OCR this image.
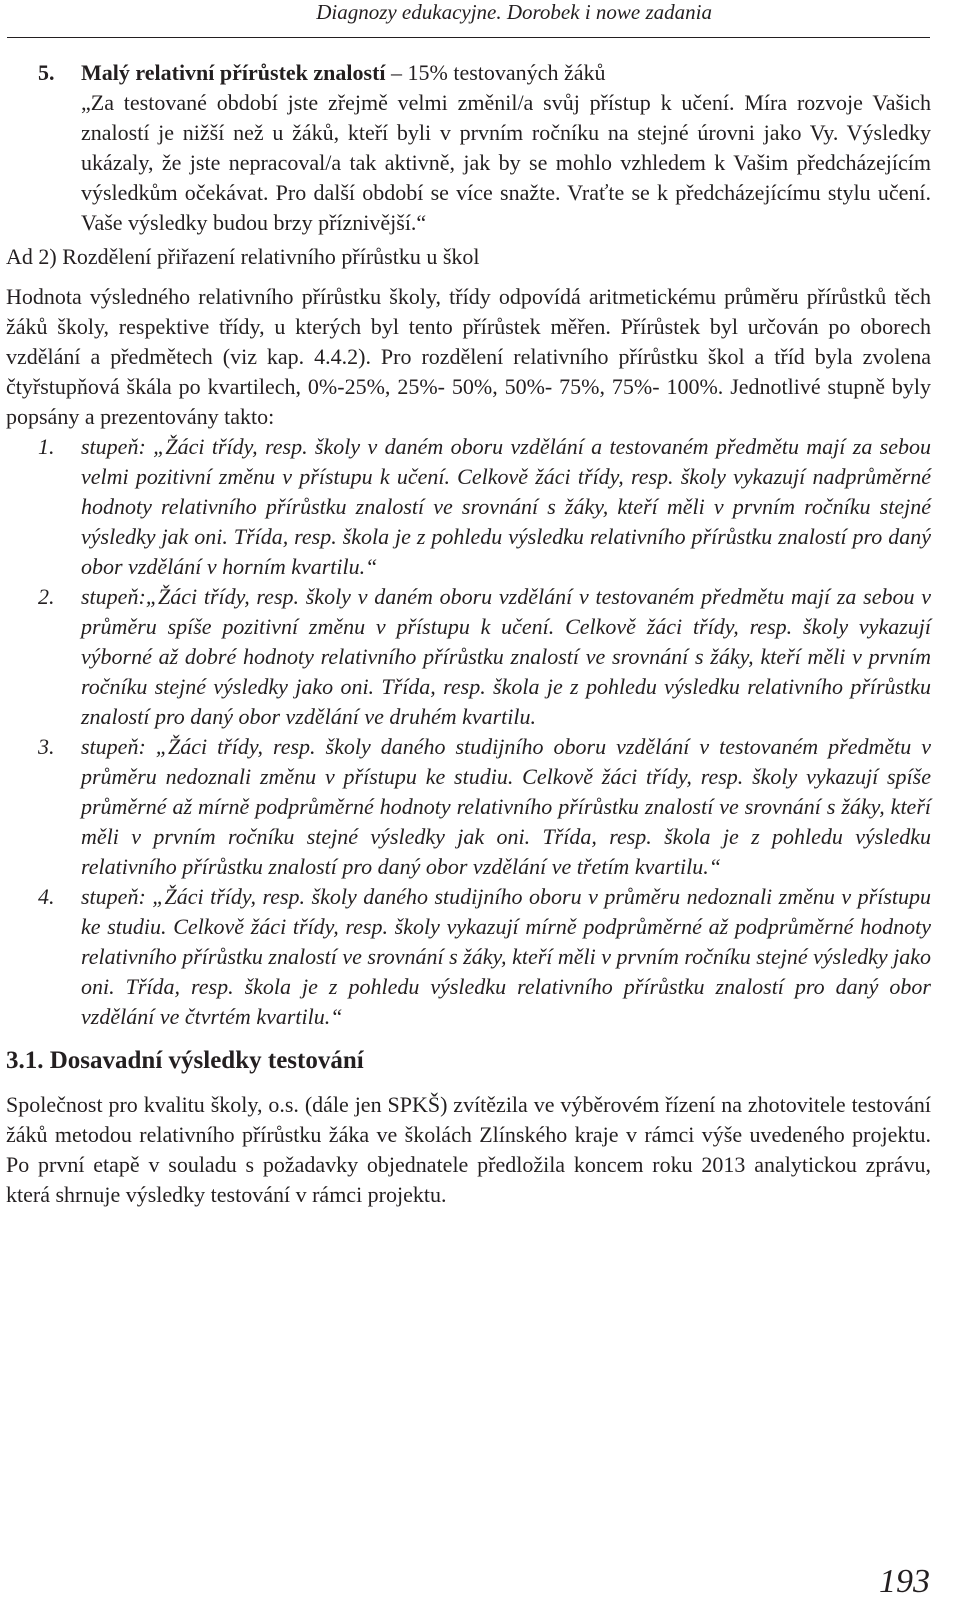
Diagnozy edukacyjne. Dorobek i nowe zadania

5. Malý relativní přírůstek znalostí – 15% testovaných žáků
„Za testované období jste zřejmě velmi změnil/a svůj přístup k učení. Míra rozvoje Vašich znalostí je nižší než u žáků, kteří byli v prvním ročníku na stejné úrovni jako Vy. Výsledky ukázaly, že jste nepracoval/a tak aktivně, jak by se mohlo vzhledem k Vašim předcházejícím výsledkům očekávat. Pro další období se více snažte. Vraťte se k předcházejícímu stylu učení. Vaše výsledky budou brzy příznivější.“

Ad 2) Rozdělení přiřazení relativního přírůstku u škol

Hodnota výsledného relativního přírůstku školy, třídy odpovídá aritmetickému průměru přírůstků těch žáků školy, respektive třídy, u kterých byl tento přírůstek měřen. Přírůstek byl určován po oborech vzdělání a předmětech (viz kap. 4.4.2). Pro rozdělení relativního přírůstku škol a tříd byla zvolena čtyřstupňová škála po kvartilech, 0%-25%, 25%- 50%, 50%- 75%, 75%- 100%. Jednotlivé stupně byly popsány a prezentovány takto:

1. stupeň: „Žáci třídy, resp. školy v daném oboru vzdělání a testovaném předmětu mají za sebou velmi pozitivní změnu v přístupu k učení. Celkově žáci třídy, resp. školy vykazují nadprůměrné hodnoty relativního přírůstku znalostí ve srovnání s žáky, kteří měli v prvním ročníku stejné výsledky jak oni. Třída, resp. škola je z pohledu výsledku relativního přírůstku znalostí pro daný obor vzdělání v horním kvartilu.“

2. stupeň:„Žáci třídy, resp. školy v daném oboru vzdělání v testovaném předmětu mají za sebou v průměru spíše pozitivní změnu v přístupu k učení. Celkově žáci třídy, resp. školy vykazují výborné až dobré hodnoty relativního přírůstku znalostí ve srovnání s žáky, kteří měli v prvním ročníku stejné výsledky jako oni. Třída, resp. škola je z pohledu výsledku relativního přírůstku znalostí pro daný obor vzdělání ve druhém kvartilu.

3. stupeň: „Žáci třídy, resp. školy daného studijního oboru vzdělání v testovaném předmětu v průměru nedoznali změnu v přístupu ke studiu. Celkově žáci třídy, resp. školy vykazují spíše průměrné až mírně podprůměrné hodnoty relativního přírůstku znalostí ve srovnání s žáky, kteří měli v prvním ročníku stejné výsledky jak oni. Třída, resp. škola je z pohledu výsledku relativního přírůstku znalostí pro daný obor vzdělání ve třetím kvartilu.“

4. stupeň: „Žáci třídy, resp. školy daného studijního oboru v průměru nedoznali změnu v přístupu ke studiu. Celkově žáci třídy, resp. školy vykazují mírně podprůměrné až podprůměrné hodnoty relativního přírůstku znalostí ve srovnání s žáky, kteří měli v prvním ročníku stejné výsledky jako oni. Třída, resp. škola je z pohledu výsledku relativního přírůstku znalostí pro daný obor vzdělání ve čtvrtém kvartilu.“

3.1. Dosavadní výsledky testování

Společnost pro kvalitu školy, o.s. (dále jen SPKŠ) zvítězila ve výběrovém řízení na zhotovitele testování žáků metodou relativního přírůstku žáka ve školách Zlínského kraje v rámci výše uvedeného projektu. Po první etapě v souladu s požadavky objednatele předložila koncem roku 2013 analytickou zprávu, která shrnuje výsledky testování v rámci projektu.

193
